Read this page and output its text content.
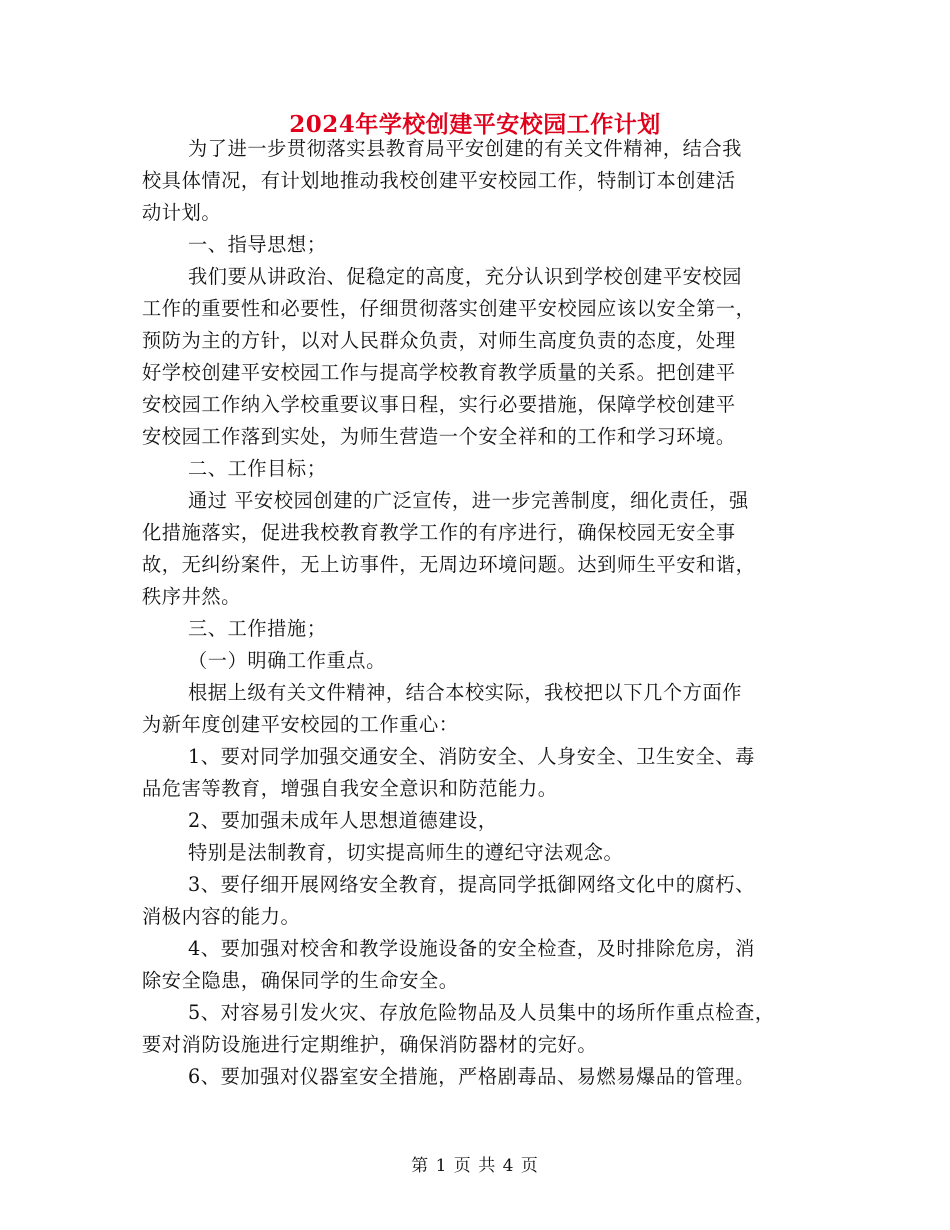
2024年学校创建平安校园工作计划

为了进一步贯彻落实县教育局平安创建的有关文件精神，结合我
校具体情况，有计划地推动我校创建平安校园工作，特制订本创建活
动计划。

一、指导思想；

我们要从讲政治、促稳定的高度，充分认识到学校创建平安校园
工作的重要性和必要性，仔细贯彻落实创建平安校园应该以安全第一，
预防为主的方针，以对人民群众负责，对师生高度负责的态度，处理
好学校创建平安校园工作与提高学校教育教学质量的关系。把创建平
安校园工作纳入学校重要议事日程，实行必要措施，保障学校创建平
安校园工作落到实处，为师生营造一个安全祥和的工作和学习环境。

二、工作目标；

通过 平安校园创建的广泛宣传，进一步完善制度，细化责任，强
化措施落实，促进我校教育教学工作的有序进行，确保校园无安全事
故，无纠纷案件，无上访事件，无周边环境问题。达到师生平安和谐，
秩序井然。

三、工作措施；

（一）明确工作重点。

根据上级有关文件精神，结合本校实际，我校把以下几个方面作
为新年度创建平安校园的工作重心：

1、要对同学加强交通安全、消防安全、人身安全、卫生安全、毒
品危害等教育，增强自我安全意识和防范能力。

2、要加强未成年人思想道德建设，

特别是法制教育，切实提高师生的遵纪守法观念。

3、要仔细开展网络安全教育，提高同学抵御网络文化中的腐朽、
消极内容的能力。

4、要加强对校舍和教学设施设备的安全检查，及时排除危房，消
除安全隐患，确保同学的生命安全。

5、对容易引发火灾、存放危险物品及人员集中的场所作重点检查，
要对消防设施进行定期维护，确保消防器材的完好。

6、要加强对仪器室安全措施，严格剧毒品、易燃易爆品的管理。

第 1 页 共 4 页
